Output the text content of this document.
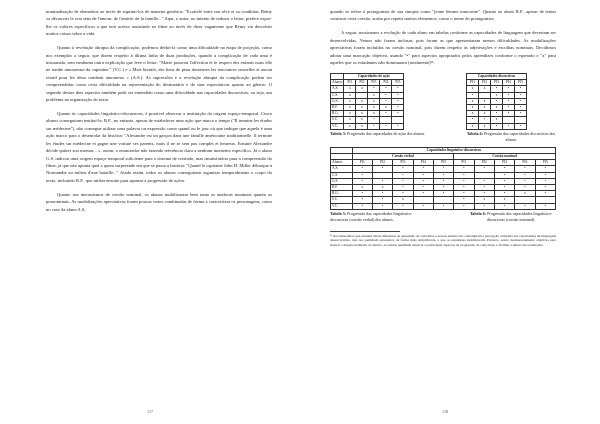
nominalização de elementos ao invés de suprimi-los de maneira genérica: "Ecartelé entre son rêve et sa condition, Rémy va découvrir le vrai sens de l'amour, de l'amitié, de la famille..." Aqui, o autor, no intento de seduzir o leitor, prefere expor-lhe os valores específicos a que terá acesso assistindo ao filme ao invés de dizer vagamente que Rémy vai descobrir muitos coisas sobre a vida.

Quanto à revelação abrupta da complicação, podemos defini-la como uma dificuldade na etapa de projeção, como nos exemplos a seguir, que dizem respeito à última linha de duas produções, quando a complicação de cada uma é instaurada, sem nenhuma outra explicação que leve o leitor: "Marie pourrait l'affection et le respect des enfants mais elle ne tombe amoureuse du capitaine." (V.C.) e « Mais bientôt, des liens de peau douteuses les rencontres sexuelles et aucun retard pour les deux tombent amoureux » (A.S.). As supressões e a revelação abrupta da complicação podem ser compreendidas como certa dificuldade na representação do destinatário e de suas expectativas quanto ao gênero. O segundo desses dois aspectos também pode ser entendido como uma dificuldade nas capacidades discursivas, ou seja, um problema na organização do texto.

Quanto às capacidades linguístico-discursivas, é possível observar a instituição da origem espaço-temporal. Cinco alunos conseguiram instituí-la. R.F., no entanto, apesar de estabelecer uma ação que marca o tempo ("Il termine les études sur médecine"), não consegue utilizar uma palavra ou expressão como quand ou le jour où que indique que aquela é uma ação marco para o desenrolar da história: "Alexandre est un garçon dans une famille américaine traditionnelle. Il termine les études sur médecine et gagne une voiture ses parents, mais il ne se sent pas complet et heureux. Ensuite Alexandre décide quitter son maison... », assim, o enunciador não fazendo referência clara a nenhum momento específico. Já o aluno G.S. indicou uma origem espaço-temporal suficiente para o sistema de conexão, mas insatisfatória para a compreensão do filme, já que não aponta qual a quem surpreende em que se passa a história: "Quand le capitaine John H. Miller débarque à Normandie au milieu d'une bataille..." Ainda assim, todos os alunos conseguiram organizar temporalmente o corpo do texto, incluindo R.F., que utiliza ensuite para apontar a progressão de ações.

Quanto aos mecanismos de coesão nominal, os alunos mobilizaram bem tanto as anáforas nominais quanto as pronominais. As modalizações apreciativas foram poucas vezes combinadas de forma a caracterizar os personagens, como no caso da aluna A.S,

117

quando se refere à protagonista de sua sinopse como "jeune femme innocente". Quanto ao aluno R.F., apesar de tentar construir certa coesão, acaba por repetir muitos elementos, como o nome do protagonista.

A seguir, mostramos a evolução de cada aluno em tabelas conforme as capacidades de linguagem que deveriam ser desenvolvidas. Vemos não foram inclusas, pois foram as que apresentaram menos dificuldades. As modalizações apreciativas foram incluídas na coesão nominal, pois dizem respeito às adjetivações e escolhas nominais. Decidimos adotar uma marcação objetiva, usando "•" para aspectos apropriados pelos aprendizes conforme o esperado e "x" para aqueles que os estudantes não dominaram (totalmente)¹⁶.

	Capacidades de ação				
Alunos	PI1	PI2	PI3	PI4	PI5
A.S.	x	x	•	•	•
C.S.	x		x	•	•
G.S.	x	x	x	•	•
R.F.	x	x	x	x	•
R.G.	x	x	x	•	•
S.C.	x	x	•		
V.C.	x	x	•	•	•
Tabela 3: Progressão das capacidades de ação dos alunos.
Capacidades discursivas				
PI1	PI2	PI3	PI4	PI5
x	x	•	•	•
•		x	•	•
x	x	•	•	•
x	x	x	•	•
x	x	•	•	•
•	•	x		
x	x	•	•	•
Tabela 4: Progressão das capacidades discursivas dos alunos
	Capacidades linguístico-discursivas									
	Coesão verbal					Coesão nominal				
Alunos	PI1	PI2	PI3	PI4	PI5	PI1	PI2	PI3	PI4	PI5
A.S.	•	•	•	•	•	•	•	•	•	•
C.S.	•		•	•	•	•		•	•	•
G.S.	•	•	•	•	•	•	•	•	•	•
R.F.	x	x	•	•	•	•	•	•	•	•
R.G.	•	•	•	•	•	•	•	•	x	•
S.C.	•	•	x			•	x	x		
V.C.	•	•	•	•	•	•	•	•	•	•
Tabela 5: Progressão das capacidades linguístico-discursivas (coesão verbal) dos alunos.
Tabela 6: Progressão das capacidades linguístico-discursivas (coesão nominal).
¹⁶ Reconhecemos que existem níveis diferentes de apreensão de conteúdos e nossas tabelas não contemplam a percepção completa das capacidades de linguagem desenvolvidas, mas nos permitem apresentar, de forma mais simplificada, o que os estudantes mobilizaram. Portanto, sendo destinatariamente objetivas para ilustrar o desenvolvimento do estudo, as tabelas permitem destacar os principais aspectos da progressão de cada aluno e facilitar a leitura dos resultados.
118
